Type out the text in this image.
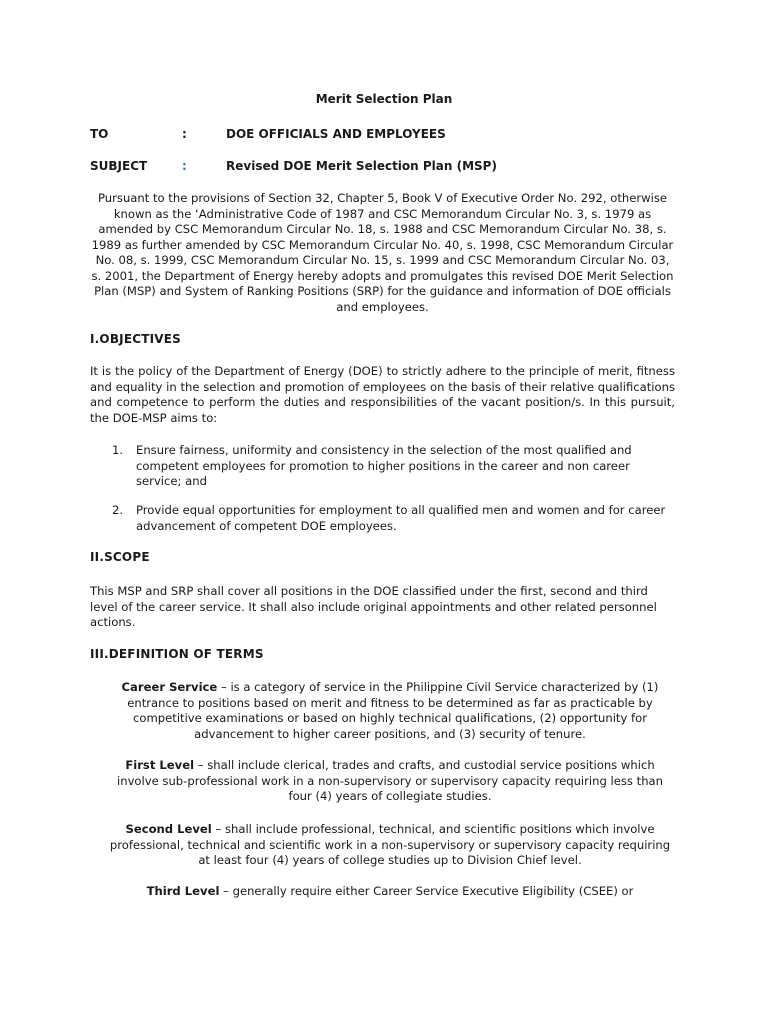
Merit Selection Plan
TO	:	DOE OFFICIALS AND EMPLOYEES
SUBJECT	:	Revised DOE Merit Selection Plan (MSP)
Pursuant to the provisions of Section 32, Chapter 5, Book V of Executive Order No. 292, otherwise known as the ‘Administrative Code of 1987 and CSC Memorandum Circular No. 3, s. 1979 as amended by CSC Memorandum Circular No. 18, s. 1988 and CSC Memorandum Circular No. 38, s. 1989 as further amended by CSC Memorandum Circular No. 40, s. 1998, CSC Memorandum Circular No. 08, s. 1999, CSC Memorandum Circular No. 15, s. 1999 and CSC Memorandum Circular No. 03, s. 2001, the Department of Energy hereby adopts and promulgates this revised DOE Merit Selection Plan (MSP) and System of Ranking Positions (SRP) for the guidance and information of DOE officials and employees.
I.OBJECTIVES
It is the policy of the Department of Energy (DOE) to strictly adhere to the principle of merit, fitness and equality in the selection and promotion of employees on the basis of their relative qualifications and competence to perform the duties and responsibilities of the vacant position/s. In this pursuit, the DOE-MSP aims to:
1. Ensure fairness, uniformity and consistency in the selection of the most qualified and competent employees for promotion to higher positions in the career and non career service; and
2. Provide equal opportunities for employment to all qualified men and women and for career advancement of competent DOE employees.
II.SCOPE
This MSP and SRP shall cover all positions in the DOE classified under the first, second and third level of the career service. It shall also include original appointments and other related personnel actions.
III.DEFINITION OF TERMS
Career Service – is a category of service in the Philippine Civil Service characterized by (1) entrance to positions based on merit and fitness to be determined as far as practicable by competitive examinations or based on highly technical qualifications, (2) opportunity for advancement to higher career positions, and (3) security of tenure.
First Level – shall include clerical, trades and crafts, and custodial service positions which involve sub-professional work in a non-supervisory or supervisory capacity requiring less than four (4) years of collegiate studies.
Second Level – shall include professional, technical, and scientific positions which involve professional, technical and scientific work in a non-supervisory or supervisory capacity requiring at least four (4) years of college studies up to Division Chief level.
Third Level – generally require either Career Service Executive Eligibility (CSEE) or
